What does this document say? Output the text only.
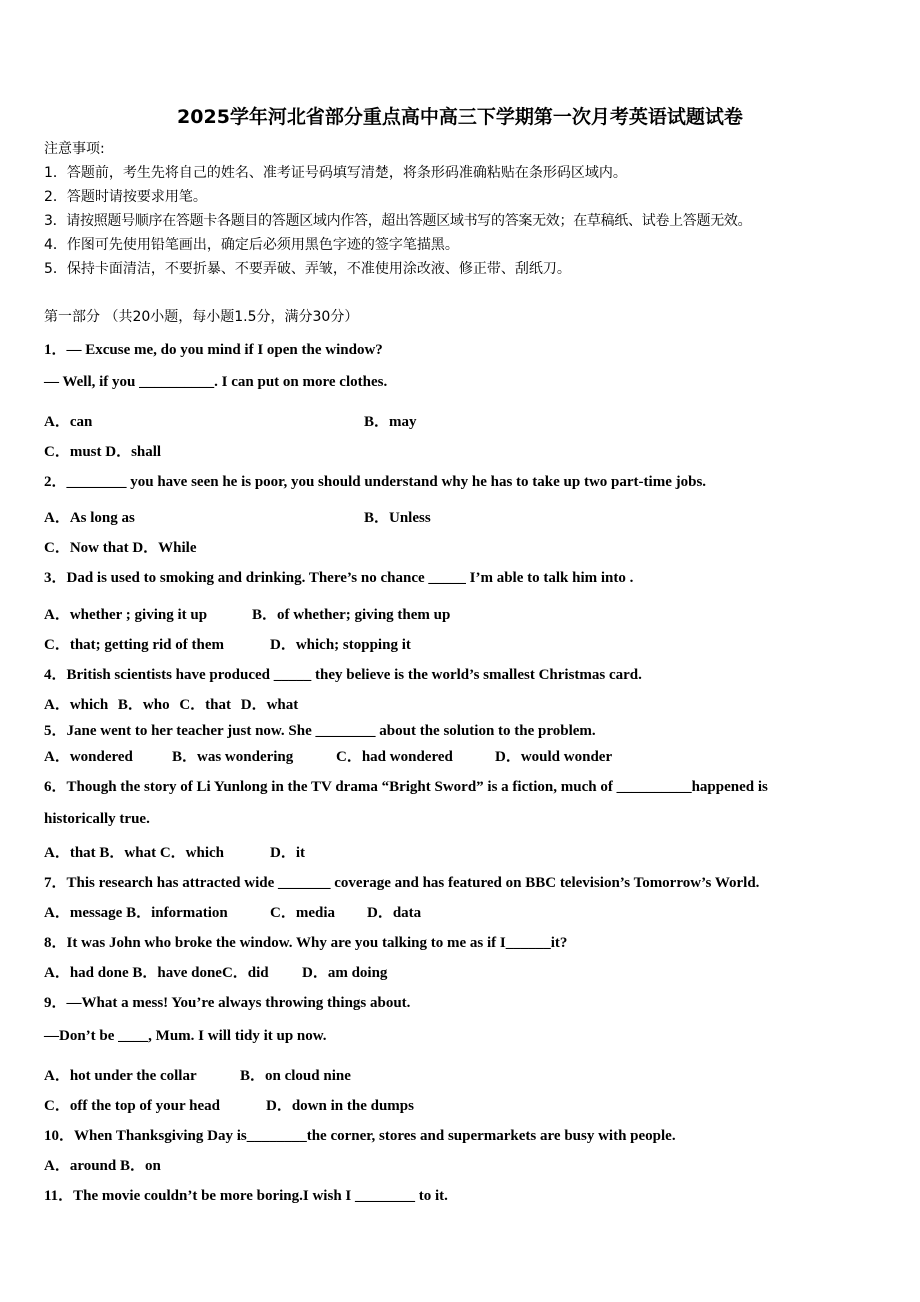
2025学年河北省部分重点高中高三下学期第一次月考英语试题试卷
注意事项:
1．答题前，考生先将自己的姓名、准考证号码填写清楚，将条形码准确粘贴在条形码区域内。
2．答题时请按要求用笔。
3．请按照题号顺序在答题卡各题目的答题区域内作答，超出答题区域书写的答案无效；在草稿纸、试卷上答题无效。
4．作图可先使用铅笔画出，确定后必须用黑色字迹的签字笔描黑。
5．保持卡面清洁，不要折暴、不要弄破、弄皱，不准使用涂改液、修正带、刮纸刀。
第一部分 （共20小题，每小题1.5分，满分30分）
1．— Excuse me, do you mind if I open the window?
— Well, if you __________. I can put on more clothes.
A．can	B．may
C．must D．shall
2．________ you have seen he is poor, you should understand why he has to take up two part-time jobs.
A．As long as	B．Unless
C．Now that D．While
3．Dad is used to smoking and drinking. There’s no chance _____ I’m able to talk him into .
A．whether ; giving it up	B．of whether; giving them up
C．that; getting rid of them	D．which; stopping it
4．British scientists have produced _____ they believe is the world’s smallest Christmas card.
A．which B．who C．that D．what
5．Jane went to her teacher just now. She ________ about the solution to the problem.
A．wondered	B．was wondering	C．had wondered	D．would wonder
6．Though the story of Li Yunlong in the TV drama “Bright Sword” is a fiction, much of __________happened is
historically true.
A．that B．what C．which	D．it
7．This research has attracted wide _______ coverage and has featured on BBC television’s Tomorrow’s World.
A．message B．information	C．media D．data
8．It was John who broke the window. Why are you talking to me as if I______it?
A．had done B．have doneC．did D．am doing
9．—What a mess! You’re always throwing things about.
—Don’t be ____, Mum. I will tidy it up now.
A．hot under the collar	B．on cloud nine
C．off the top of your head	D．down in the dumps
10．When Thanksgiving Day is________the corner, stores and supermarkets are busy with people.
A．around B．on
11．The movie couldn’t be more boring.I wish I ________ to it.
